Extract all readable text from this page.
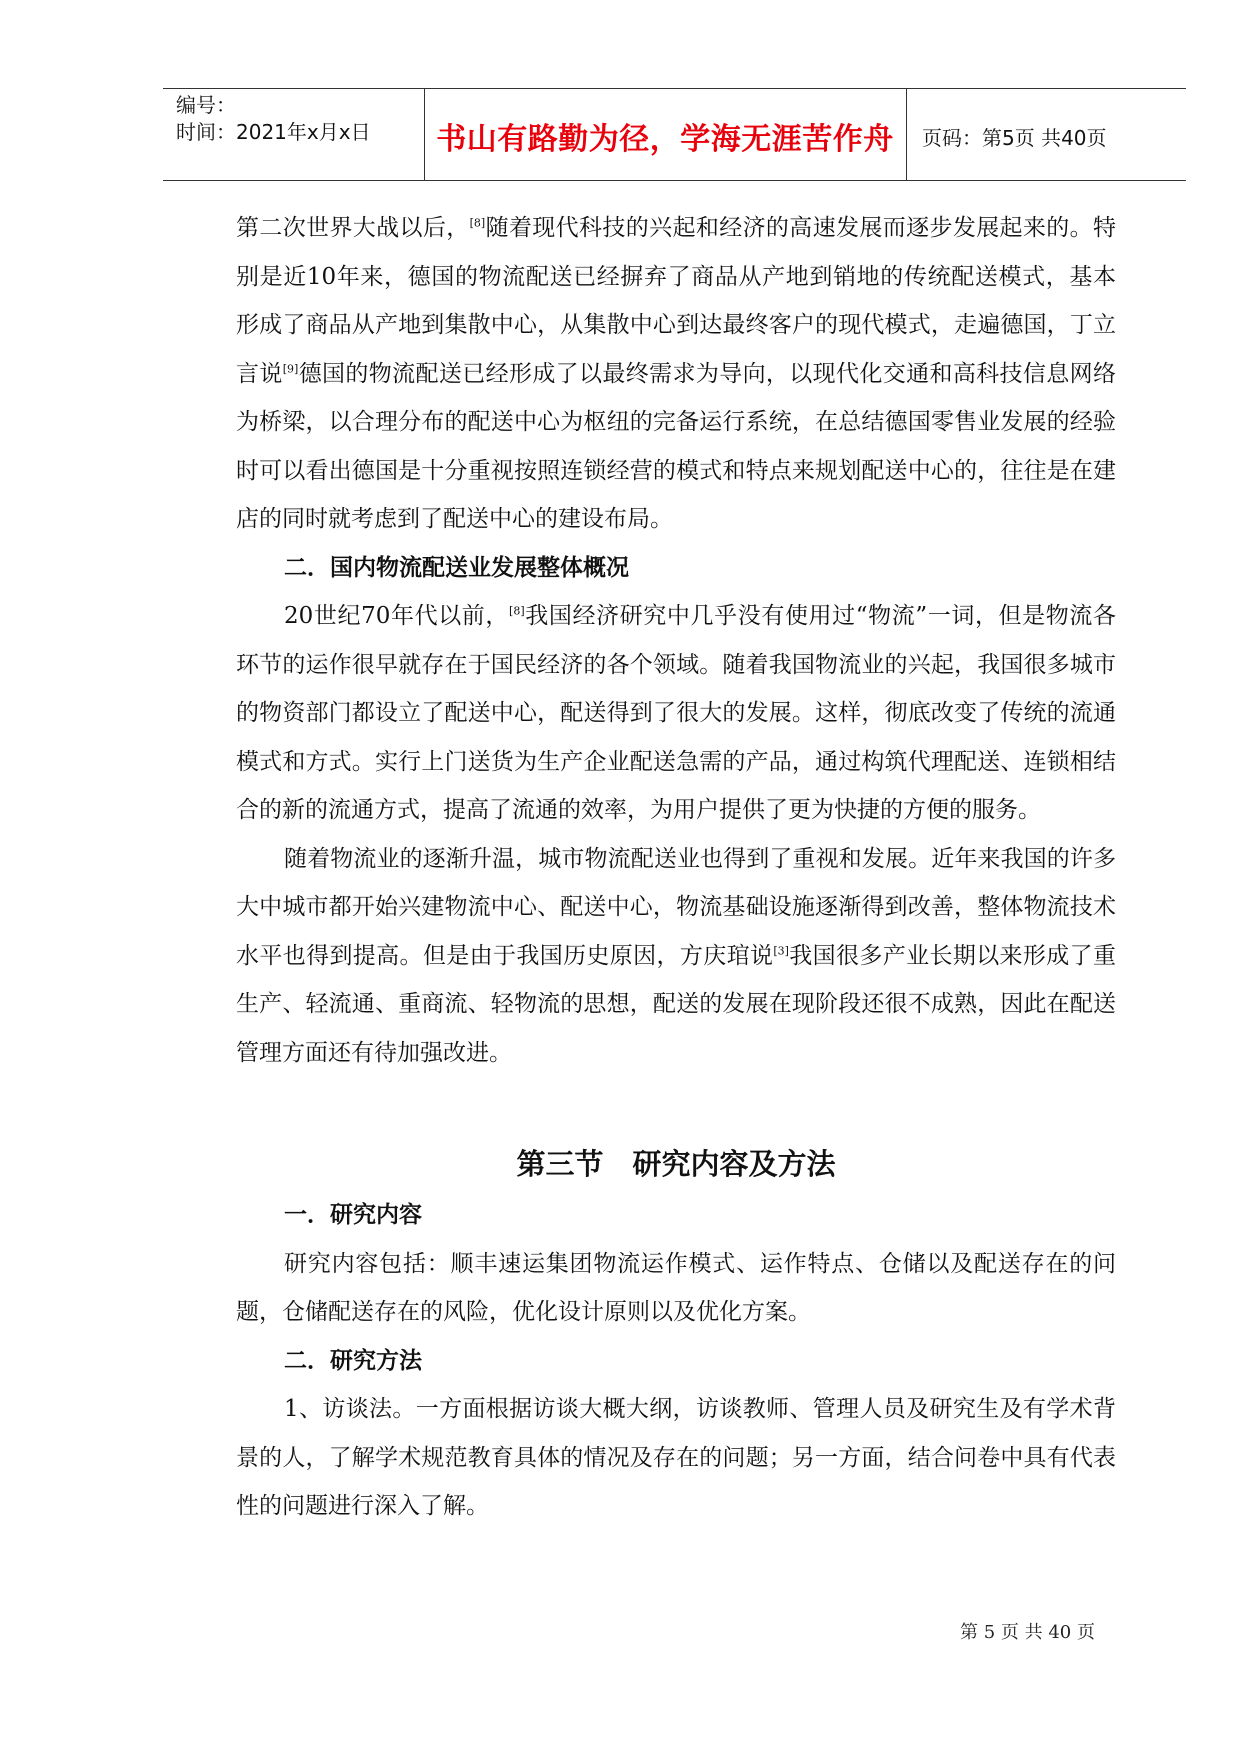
编号：
时间：2021年x月x日	书山有路勤为径，学海无涯苦作舟	页码：第5页 共40页

第二次世界大战以后，[8]随着现代科技的兴起和经济的高速发展而逐步发展起来的。特别是近10年来，德国的物流配送已经摒弃了商品从产地到销地的传统配送模式，基本形成了商品从产地到集散中心，从集散中心到达最终客户的现代模式，走遍德国，丁立言说[9]德国的物流配送已经形成了以最终需求为导向，以现代化交通和高科技信息网络为桥梁，以合理分布的配送中心为枢纽的完备运行系统，在总结德国零售业发展的经验时可以看出德国是十分重视按照连锁经营的模式和特点来规划配送中心的，往往是在建店的同时就考虑到了配送中心的建设布局。

二．国内物流配送业发展整体概况

20世纪70年代以前，[8]我国经济研究中几乎没有使用过“物流”一词，但是物流各环节的运作很早就存在于国民经济的各个领域。随着我国物流业的兴起，我国很多城市的物资部门都设立了配送中心，配送得到了很大的发展。这样，彻底改变了传统的流通模式和方式。实行上门送货为生产企业配送急需的产品，通过构筑代理配送、连锁相结合的新的流通方式，提高了流通的效率，为用户提供了更为快捷的方便的服务。

随着物流业的逐渐升温，城市物流配送业也得到了重视和发展。近年来我国的许多大中城市都开始兴建物流中心、配送中心，物流基础设施逐渐得到改善，整体物流技术水平也得到提高。但是由于我国历史原因，方庆琯说[3]我国很多产业长期以来形成了重生产、轻流通、重商流、轻物流的思想，配送的发展在现阶段还很不成熟，因此在配送管理方面还有待加强改进。

第三节　研究内容及方法

一．研究内容

研究内容包括：顺丰速运集团物流运作模式、运作特点、仓储以及配送存在的问题，仓储配送存在的风险，优化设计原则以及优化方案。

二．研究方法

1、访谈法。一方面根据访谈大概大纲，访谈教师、管理人员及研究生及有学术背景的人，了解学术规范教育具体的情况及存在的问题；另一方面，结合问卷中具有代表性的问题进行深入了解。

第 5 页 共 40 页
